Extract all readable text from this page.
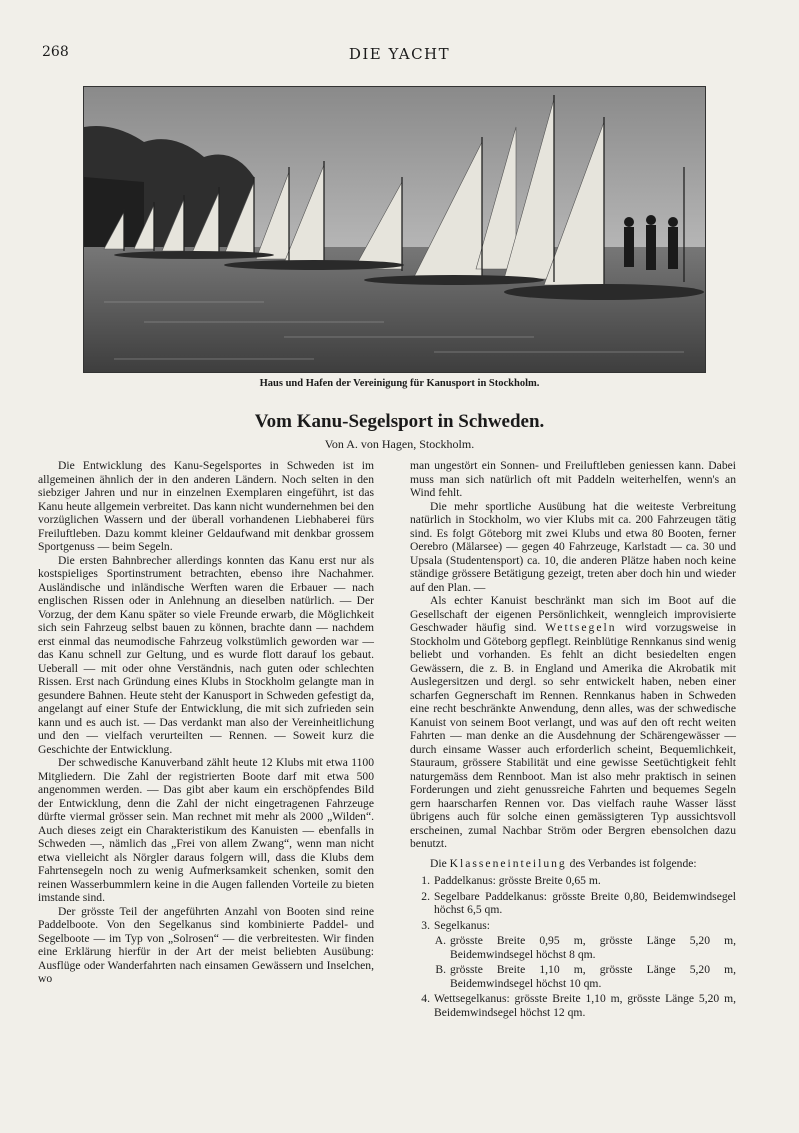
268	DIE YACHT
Haus und Hafen der Vereinigung für Kanusport in Stockholm.
Vom Kanu-Segelsport in Schweden.
Von A. von Hagen, Stockholm.

Die Entwicklung des Kanu-Segelsportes in Schweden ist im allgemeinen ähnlich der in den anderen Ländern. Noch selten in den siebziger Jahren und nur in einzelnen Exemplaren eingeführt, ist das Kanu heute allgemein verbreitet. Das kann nicht wundernehmen bei den vorzüglichen Wassern und der überall vorhandenen Liebhaberei fürs Freiluftleben. Dazu kommt kleiner Geldaufwand mit denkbar grossem Sportgenuss — beim Segeln.

Die ersten Bahnbrecher allerdings konnten das Kanu erst nur als kostspieliges Sportinstrument betrachten, ebenso ihre Nachahmer. Ausländische und inländische Werften waren die Erbauer — nach englischen Rissen oder in Anlehnung an dieselben natürlich. — Der Vorzug, der dem Kanu später so viele Freunde erwarb, die Möglichkeit sich sein Fahrzeug selbst bauen zu können, brachte dann — nachdem erst einmal das neumodische Fahrzeug volkstümlich geworden war — das Kanu schnell zur Geltung, und es wurde flott darauf los gebaut. Ueberall — mit oder ohne Verständnis, nach guten oder schlechten Rissen. Erst nach Gründung eines Klubs in Stockholm gelangte man in gesundere Bahnen. Heute steht der Kanusport in Schweden gefestigt da, angelangt auf einer Stufe der Entwicklung, die mit sich zufrieden sein kann und es auch ist. — Das verdankt man also der Vereinheitlichung und den — vielfach verurteilten — Rennen. — Soweit kurz die Geschichte der Entwicklung.

Der schwedische Kanuverband zählt heute 12 Klubs mit etwa 1100 Mitgliedern. Die Zahl der registrierten Boote darf mit etwa 500 angenommen werden. — Das gibt aber kaum ein erschöpfendes Bild der Entwicklung, denn die Zahl der nicht eingetragenen Fahrzeuge dürfte viermal grösser sein. Man rechnet mit mehr als 2000 „Wilden“. Auch dieses zeigt ein Charakteristikum des Kanuisten — ebenfalls in Schweden —, nämlich das „Frei von allem Zwang“, wenn man nicht etwa vielleicht als Nörgler daraus folgern will, dass die Klubs dem Fahrtensegeln noch zu wenig Aufmerksamkeit schenken, somit den reinen Wasserbummlern keine in die Augen fallenden Vorteile zu bieten imstande sind.

Der grösste Teil der angeführten Anzahl von Booten sind reine Paddelboote. Von den Segelkanus sind kombinierte Paddel- und Segelboote — im Typ von „Solrosen“ — die verbreitesten. Wir finden eine Erklärung hierfür in der Art der meist beliebten Ausübung: Ausflüge oder Wanderfahrten nach einsamen Gewässern und Inselchen, wo

man ungestört ein Sonnen- und Freiluftleben geniessen kann. Dabei muss man sich natürlich oft mit Paddeln weiterhelfen, wenn's an Wind fehlt.

Die mehr sportliche Ausübung hat die weiteste Verbreitung natürlich in Stockholm, wo vier Klubs mit ca. 200 Fahrzeugen tätig sind. Es folgt Göteborg mit zwei Klubs und etwa 80 Booten, ferner Oerebro (Mälarsee) — gegen 40 Fahrzeuge, Karlstadt — ca. 30 und Upsala (Studentensport) ca. 10, die anderen Plätze haben noch keine ständige grössere Betätigung gezeigt, treten aber doch hin und wieder auf den Plan. —

Als echter Kanuist beschränkt man sich im Boot auf die Gesellschaft der eigenen Persönlichkeit, wenngleich improvisierte Geschwader häufig sind. Wettsegeln wird vorzugsweise in Stockholm und Göteborg gepflegt. Reinblütige Rennkanus sind wenig beliebt und vorhanden. Es fehlt an dicht besiedelten engen Gewässern, die z. B. in England und Amerika die Akrobatik mit Auslegersitzen und dergl. so sehr entwickelt haben, neben einer scharfen Gegnerschaft im Rennen. Rennkanus haben in Schweden eine recht beschränkte Anwendung, denn alles, was der schwedische Kanuist von seinem Boot verlangt, und was auf den oft recht weiten Fahrten — man denke an die Ausdehnung der Schärengewässer — durch einsame Wasser auch erforderlich scheint, Bequemlichkeit, Stauraum, grössere Stabilität und eine gewisse Seetüchtigkeit fehlt naturgemäss dem Rennboot. Man ist also mehr praktisch in seinen Forderungen und zieht genussreiche Fahrten und bequemes Segeln gern haarscharfen Rennen vor. Das vielfach rauhe Wasser lässt übrigens auch für solche einen gemässigteren Typ aussichtsvoll erscheinen, zumal Nachbar Ström oder Bergren ebensolchen dazu benutzt.

Die Klasseneinteilung des Verbandes ist folgende:

1. Paddelkanus: grösste Breite 0,65 m.
2. Segelbare Paddelkanus: grösste Breite 0,80, Beidemwindsegel höchst 6,5 qm.
3. Segelkanus:
A. grösste Breite 0,95 m, grösste Länge 5,20 m, Beidemwindsegel höchst 8 qm.
B. grösste Breite 1,10 m, grösste Länge 5,20 m, Beidemwindsegel höchst 10 qm.
4. Wettsegelkanus: grösste Breite 1,10 m, grösste Länge 5,20 m, Beidemwindsegel höchst 12 qm.
